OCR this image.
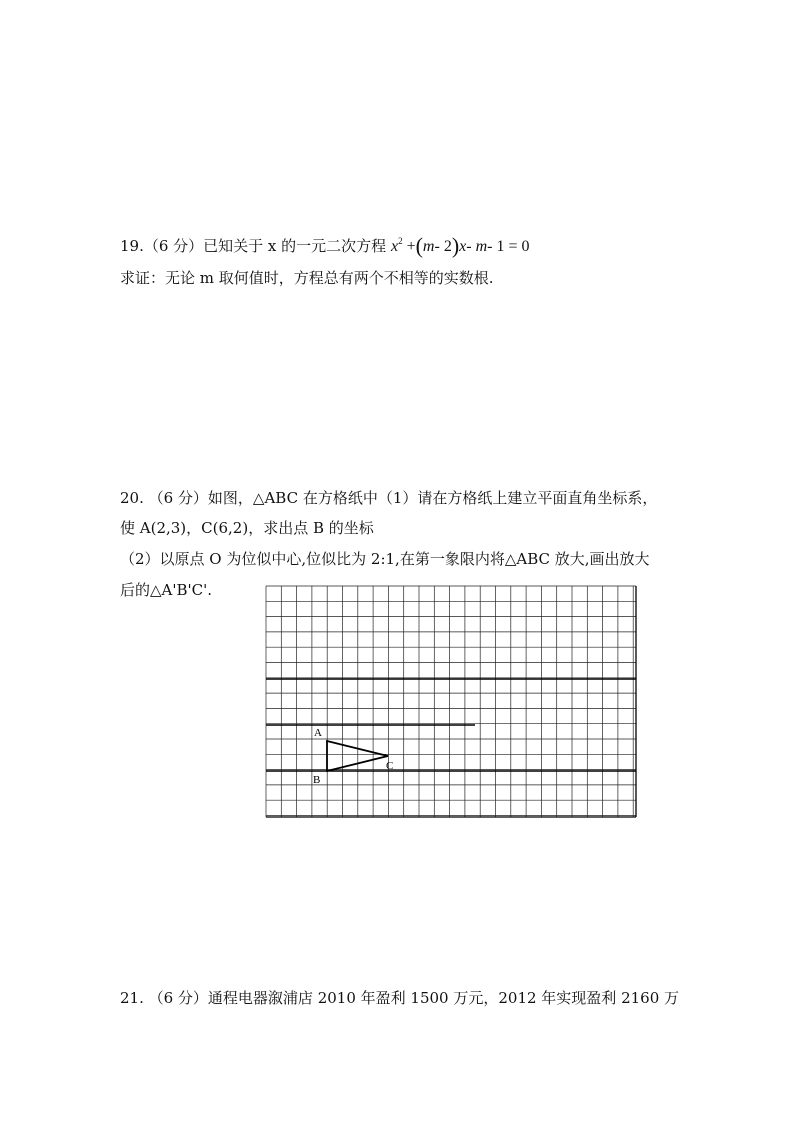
19.（6 分）已知关于 x 的一元二次方程 $x^2 +(m-$ 2)x- m- 1 = 0
求证：无论 m 取何值时，方程总有两个不相等的实数根.
20. （6 分）如图，△ABC 在方格纸中（1）请在方格纸上建立平面直角坐标系，
使 A(2,3)，C(6,2)，求出点 B 的坐标
（2）以原点 O 为位似中心,位似比为 2:1,在第一象限内将△ABC 放大,画出放大
后的△A'B'C'.
A
B
C
21. （6 分）通程电器溆浦店 2010 年盈利 1500 万元，2012 年实现盈利 2160 万
